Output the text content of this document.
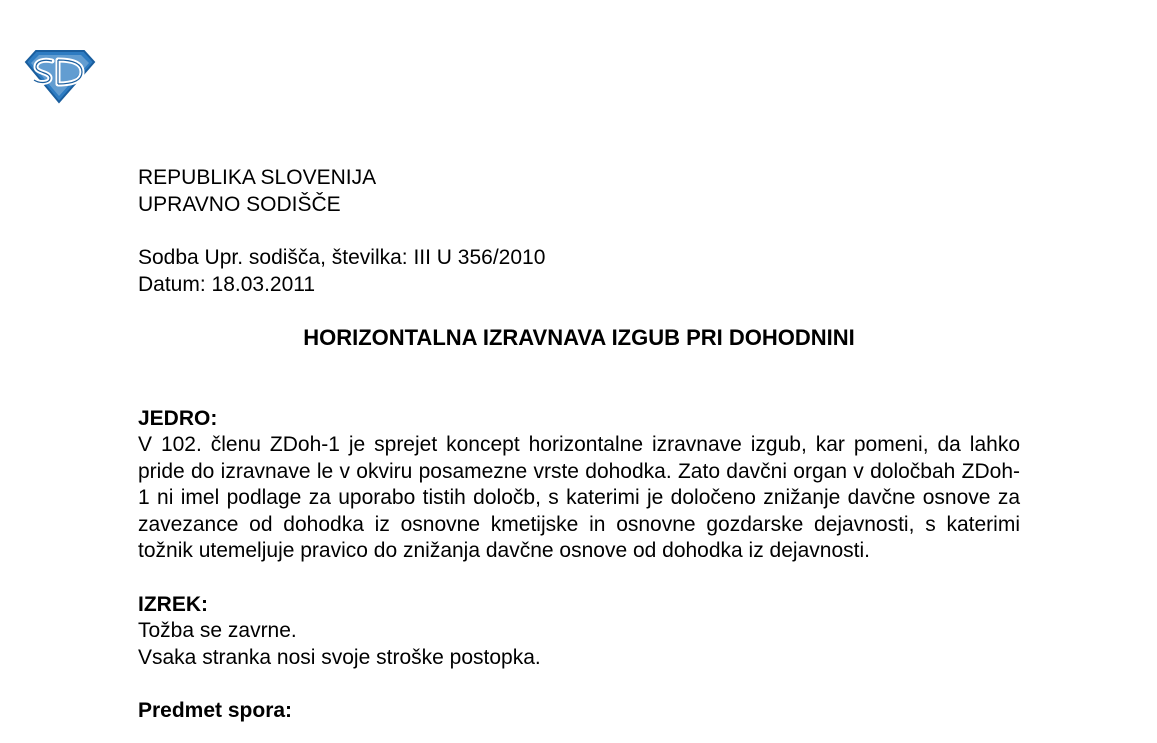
REPUBLIKA SLOVENIJA
UPRAVNO SODIŠČE
Sodba Upr. sodišča, številka: III U 356/2010
Datum: 18.03.2011
HORIZONTALNA IZRAVNAVA IZGUB PRI DOHODNINI
JEDRO:
V 102. členu ZDoh-1 je sprejet koncept horizontalne izravnave izgub, kar pomeni, da lahko pride do izravnave le v okviru posamezne vrste dohodka. Zato davčni organ v določbah ZDoh-1 ni imel podlage za uporabo tistih določb, s katerimi je določeno znižanje davčne osnove za zavezance od dohodka iz osnovne kmetijske in osnovne gozdarske dejavnosti, s katerimi tožnik utemeljuje pravico do znižanja davčne osnove od dohodka iz dejavnosti.
IZREK:
Tožba se zavrne.
Vsaka stranka nosi svoje stroške postopka.
Predmet spora:
